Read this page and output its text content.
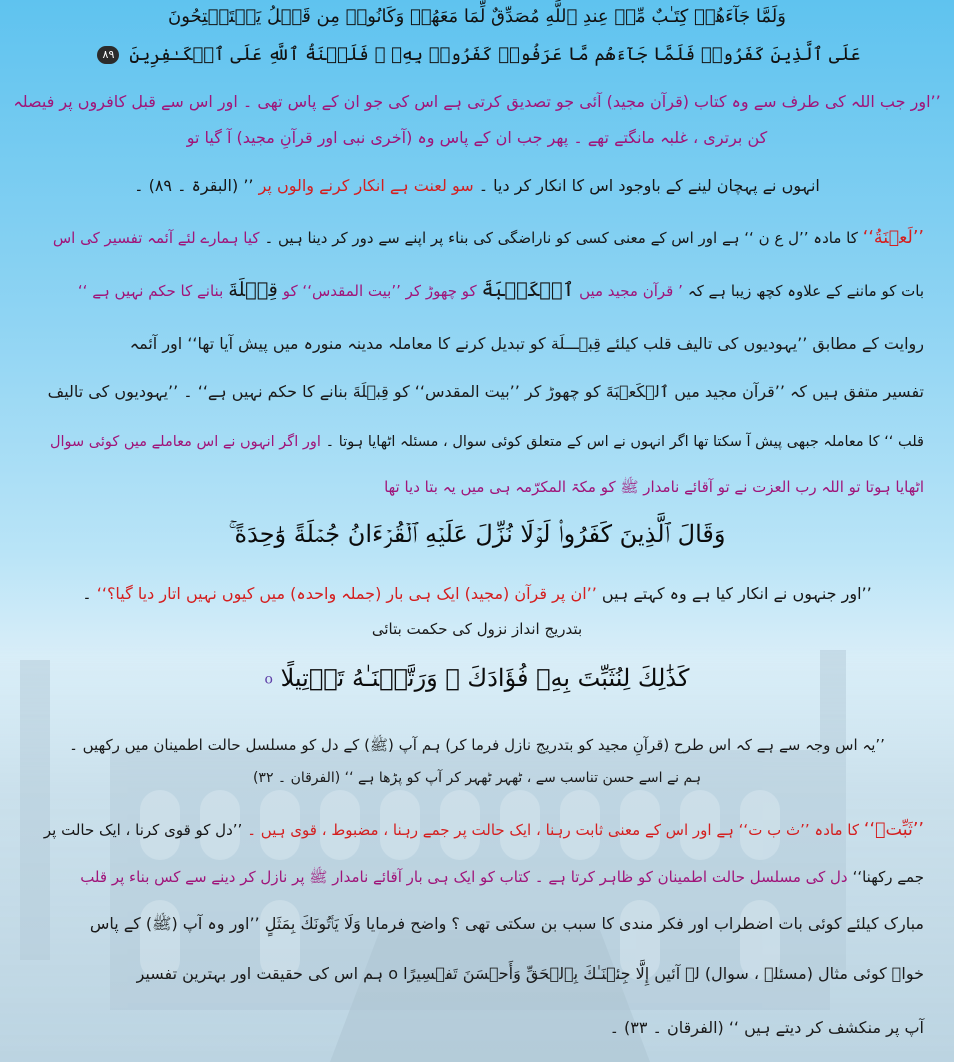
وَلَمَّا جَآءَهُمۡ كِتَـٰبٌ مِّنۡ عِندِ ٱللَّهِ مُصَدِّقٌ لِّمَا مَعَهُمۡ وَكَانُوا۟ مِن قَبۡلُ يَسۡتَفۡتِحُونَ
عَلَى ٱلَّذِينَ كَفَرُوا۟ فَلَمَّا جَآءَهُم مَّا عَرَفُوا۟ كَفَرُوا۟ بِهِۦ ۚ فَلَعۡنَةُ ٱللَّهِ عَلَى ٱلۡكَـٰفِرِينَ ٨٩
’’اور جب اللہ کی طرف سے وہ کتاب (قرآن مجید) آئی جو تصدیق کرتی ہے اس کی جو ان کے پاس تھی ۔ اور اس سے قبل کافروں پر فیصلہ
کن برتری ، غلبہ مانگتے تھے ۔ پھر جب ان کے پاس وہ (آخری نبی اور قرآنِ مجید) آ گیا تو
انہوں نے پہچان لینے کے باوجود اس کا انکار کر دیا ۔ سو لعنت ہے انکار کرنے والوں پر ’’ (البقرۃ ۔ ۸۹) ۔
’’لَعۡنَةُ‘‘ کا مادہ ’’ل ع ن ‘‘ ہے اور اس کے معنی کسی کو ناراضگی کی بناء پر اپنے سے دور کر دینا ہیں ۔ کیا ہمارے لئے آئمہ تفسیر کی اس
بات کو ماننے کے علاوہ کچھ زیبا ہے کہ ’ قرآن مجید میں ٱلۡكَعۡبَةَ کو چھوڑ کر ’’بیت المقدس‘‘ کو قِبۡلَةَ بنانے کا حکم نہیں ہے ‘‘
روایت کے مطابق ’’یہودیوں کی تالیف قلب کیلئے قِبۡـــلَة کو تبدیل کرنے کا معاملہ مدینہ منورہ میں پیش آیا تھا‘‘ اور آئمہ
تفسیر متفق ہیں کہ ’’قرآن مجید میں ٱلۡكَعۡبَةَ کو چھوڑ کر ’’بیت المقدس‘‘ کو قِبۡلَةَ بنانے کا حکم نہیں ہے‘‘ ۔ ’’یہودیوں کی تالیف
قلب ‘‘ کا معاملہ جبھی پیش آ سکتا تھا اگر انہوں نے اس کے متعلق کوئی سوال ، مسئلہ اٹھایا ہوتا ۔ اور اگر انہوں نے اس معاملے میں کوئی سوال
اٹھایا ہوتا تو اللہ رب العزت نے تو آقائے نامدار ﷺ کو مکۃ المکرّمہ ہی میں یہ بتا دیا تھا
وَقَالَ ٱلَّذِينَ كَفَرُوا۟ لَوۡلَا نُزِّلَ عَلَيۡهِ ٱلۡقُرۡءَانُ جُمۡلَةً وَٰحِدَةً ۚ
’’اور جنہوں نے انکار کیا ہے وہ کہتے ہیں ’’ان پر قرآن (مجید) ایک ہی بار (جملہ واحدہ) میں کیوں نہیں اتار دیا گیا؟‘‘ ۔
بتدریج انداز نزول کی حکمت بتائی
كَذَٰلِكَ لِنُثَبِّتَ بِهِۦ فُؤَادَكَ ۖ وَرَتَّلۡنَـٰهُ تَرۡتِيلًا o
’’یہ اس وجہ سے ہے کہ اس طرح (قرآنِ مجید کو بتدریج نازل فرما کر) ہم آپ (ﷺ) کے دل کو مسلسل حالت اطمینان میں رکھیں ۔
ہم نے اسے حسن تناسب سے ، ٹھہر ٹھہر کر آپ کو پڑھا ہے ‘‘ (الفرقان ۔ ۳۲)
’’ثَبِّتۡ‘‘ کا مادہ ’’ث ب ت‘‘ ہے اور اس کے معنی ثابت رہنا ، ایک حالت پر جمے رہنا ، مضبوط ، قوی ہیں ۔ ’’دل کو قوی کرنا ، ایک حالت پر
جمے رکھنا‘‘ دل کی مسلسل حالت اطمینان کو ظاہر کرتا ہے ۔ کتاب کو ایک ہی بار آقائے نامدار ﷺ پر نازل کر دینے سے کس بناء پر قلب
مبارک کیلئے کوئی بات اضطراب اور فکر مندی کا سبب بن سکتی تھی ؟ واضح فرمایا وَلَا يَأۡتُونَكَ بِمَثَلٍ ’’اور وہ آپ (ﷺ) کے پاس
خواہ کوئی مثال (مسئلہ ، سوال) لے آئیں إِلَّا جِئۡنَـٰكَ بِٱلۡحَقِّ وَأَحۡسَنَ تَفۡسِيرًا o ہم اس کی حقیقت اور بہترین تفسیر
آپ پر منکشف کر دیتے ہیں ‘‘ (الفرقان ۔ ۳۳) ۔
